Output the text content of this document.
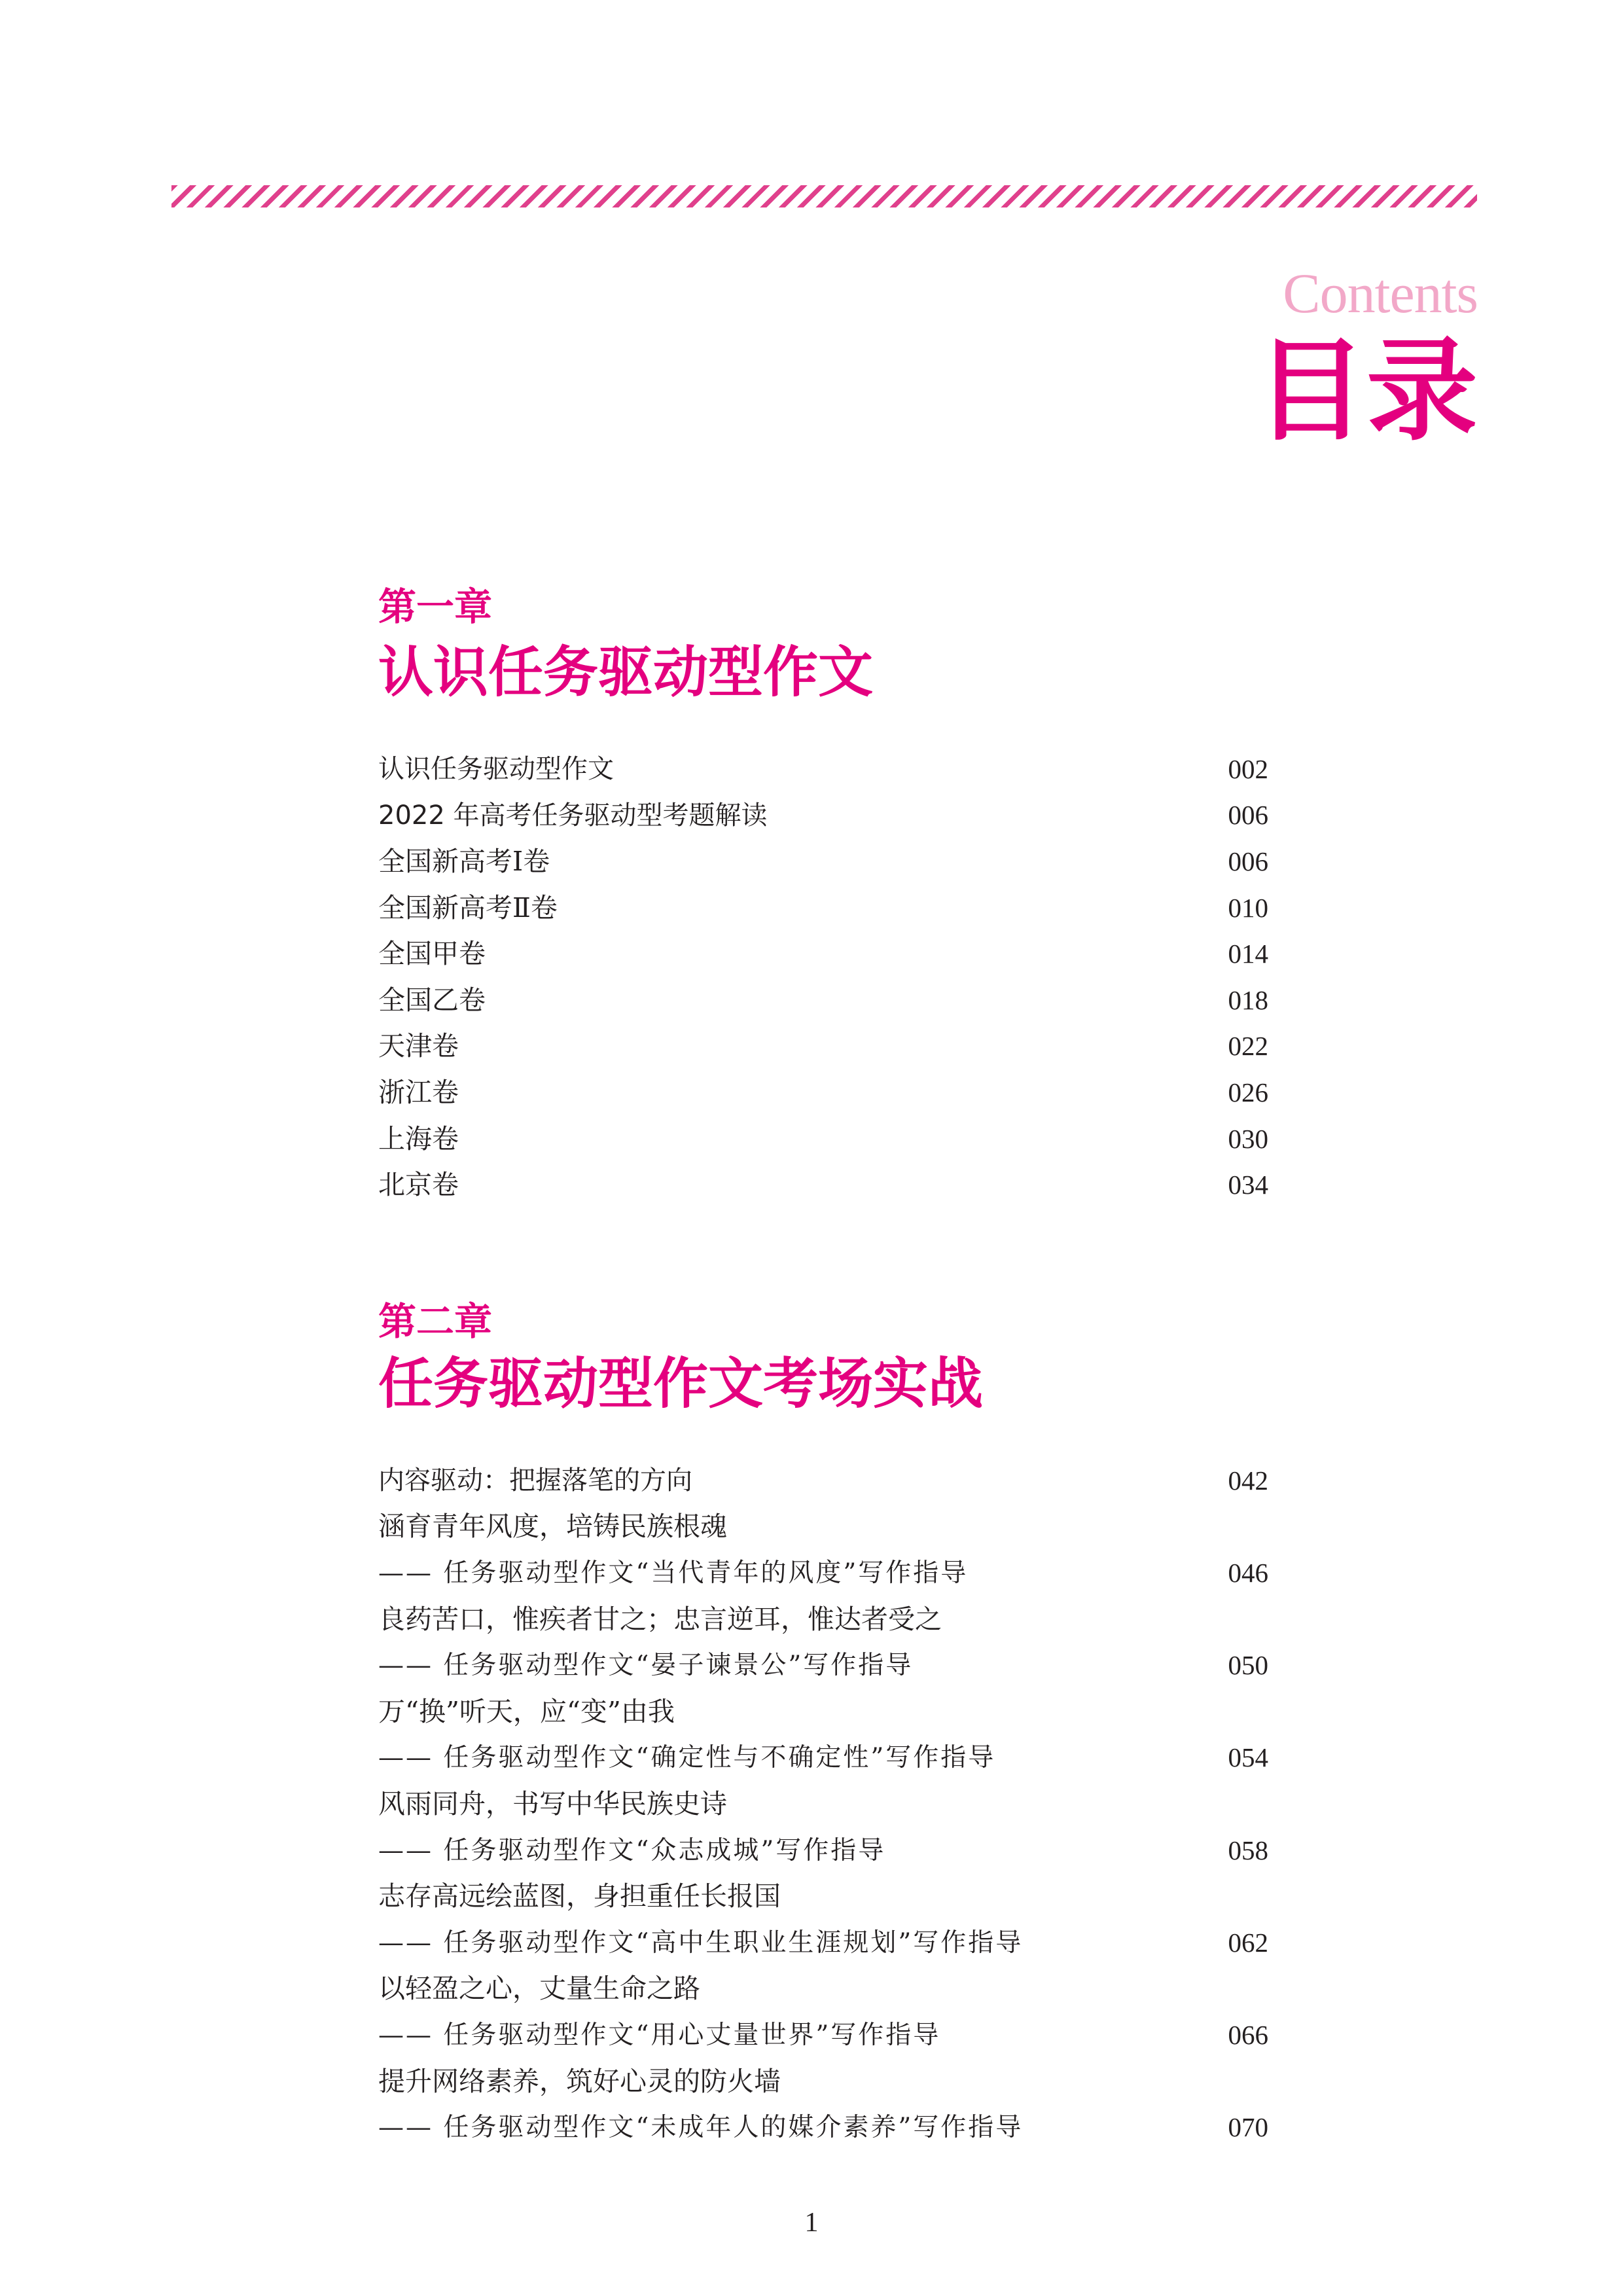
Contents
目录
第一章
认识任务驱动型作文
认识任务驱动型作文	002
2022 年高考任务驱动型考题解读	006
全国新高考Ⅰ卷	006
全国新高考Ⅱ卷	010
全国甲卷	014
全国乙卷	018
天津卷	022
浙江卷	026
上海卷	030
北京卷	034
第二章
任务驱动型作文考场实战
内容驱动：把握落笔的方向	042
涵育青年风度，培铸民族根魂
—— 任务驱动型作文“当代青年的风度”写作指导	046
良药苦口，惟疾者甘之；忠言逆耳，惟达者受之
—— 任务驱动型作文“晏子谏景公”写作指导	050
万“换”听天，应“变”由我
—— 任务驱动型作文“确定性与不确定性”写作指导	054
风雨同舟，书写中华民族史诗
—— 任务驱动型作文“众志成城”写作指导	058
志存高远绘蓝图，身担重任长报国
—— 任务驱动型作文“高中生职业生涯规划”写作指导	062
以轻盈之心，丈量生命之路
—— 任务驱动型作文“用心丈量世界”写作指导	066
提升网络素养，筑好心灵的防火墙
—— 任务驱动型作文“未成年人的媒介素养”写作指导	070
1
